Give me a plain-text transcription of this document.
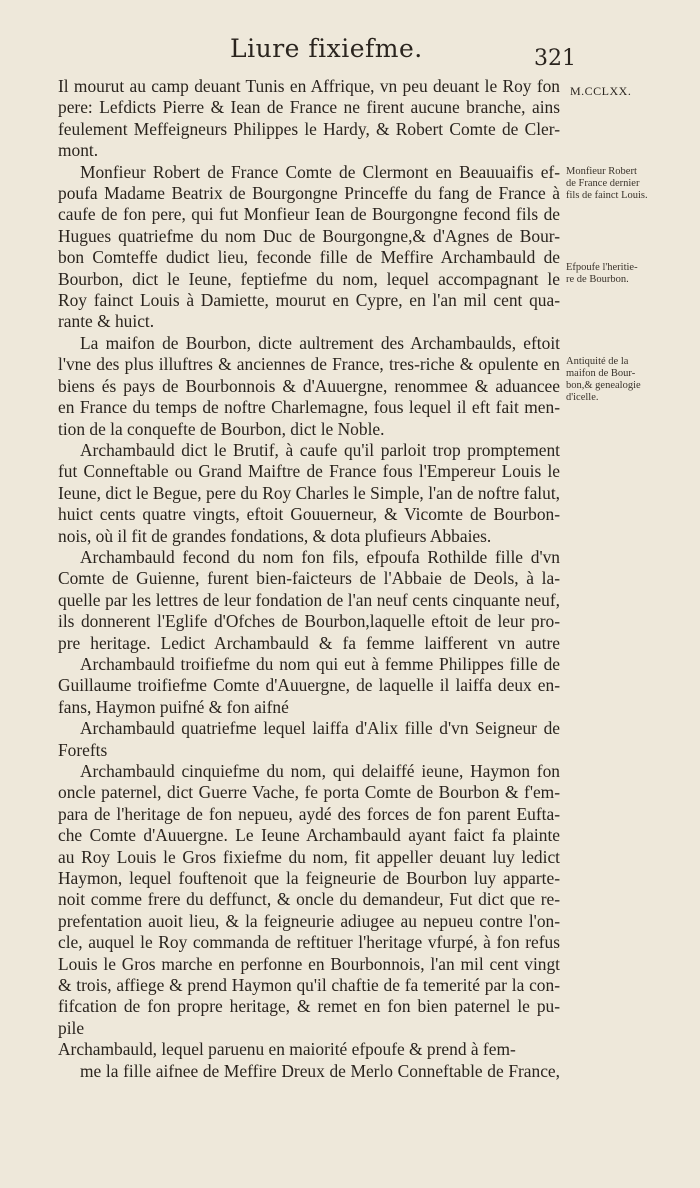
Liure fixiefme.	321
Il mourut au camp deuant Tunis en Affrique, vn peu deuant le Roy fon
pere: Lefdicts Pierre & Iean de France ne firent aucune branche, ains
feulement Meffeigneurs Philippes le Hardy, & Robert Comte de Cler-
mont.
Monfieur Robert de France Comte de Clermont en Beauuaifis ef-
poufa Madame Beatrix de Bourgongne Princeffe du fang de France à
caufe de fon pere, qui fut Monfieur Iean de Bourgongne fecond fils de
Hugues quatriefme du nom Duc de Bourgongne,& d'Agnes de Bour-
bon Comteffe dudict lieu, feconde fille de Meffire Archambauld de
Bourbon, dict le Ieune, feptiefme du nom, lequel accompagnant le
Roy fainct Louis à Damiette, mourut en Cypre, en l'an mil cent qua-
rante & huict.
La maifon de Bourbon, dicte aultrement des Archambaulds, eftoit
l'vne des plus illuftres & anciennes de France, tres-riche & opulente en
biens és pays de Bourbonnois & d'Auuergne, renommee & aduancee
en France du temps de noftre Charlemagne, fous lequel il eft fait men-
tion de la conquefte de Bourbon, dict le Noble.
Archambauld dict le Brutif, à caufe qu'il parloit trop promptement
fut Conneftable ou Grand Maiftre de France fous l'Empereur Louis le
Ieune, dict le Begue, pere du Roy Charles le Simple, l'an de noftre falut,
huict cents quatre vingts, eftoit Gouuerneur, & Vicomte de Bourbon-
nois, où il fit de grandes fondations, & dota plufieurs Abbaies.
Archambauld fecond du nom fon fils, efpoufa Rothilde fille d'vn
Comte de Guienne, furent bien-faicteurs de l'Abbaie de Deols, à la-
quelle par les lettres de leur fondation de l'an neuf cents cinquante neuf,
ils donnerent l'Eglife d'Ofches de Bourbon,laquelle eftoit de leur pro-
pre heritage. Ledict Archambauld & fa femme laifferent vn autre
Archambauld troifiefme du nom qui eut à femme Philippes fille de
Guillaume troifiefme Comte d'Auuergne, de laquelle il laiffa deux en-
fans, Haymon puifné & fon aifné
Archambauld quatriefme lequel laiffa d'Alix fille d'vn Seigneur de
Forefts
Archambauld cinquiefme du nom, qui delaiffé ieune, Haymon fon
oncle paternel, dict Guerre Vache, fe porta Comte de Bourbon & f'em-
para de l'heritage de fon nepueu, aydé des forces de fon parent Eufta-
che Comte d'Auuergne. Le Ieune Archambauld ayant faict fa plainte
au Roy Louis le Gros fixiefme du nom, fit appeller deuant luy ledict
Haymon, lequel fouftenoit que la feigneurie de Bourbon luy apparte-
noit comme frere du deffunct, & oncle du demandeur, Fut dict que re-
prefentation auoit lieu, & la feigneurie adiugee au nepueu contre l'on-
cle, auquel le Roy commanda de reftituer l'heritage vfurpé, à fon refus
Louis le Gros marche en perfonne en Bourbonnois, l'an mil cent vingt
& trois, affiege & prend Haymon qu'il chaftie de fa temerité par la con-
fifcation de fon propre heritage, & remet en fon bien paternel le pu-
pile
Archambauld, lequel paruenu en maiorité efpoufe & prend à fem-
me la fille aifnee de Meffire Dreux de Merlo Conneftable de France,
M.CCLXX.
Monfieur Robert
de France dernier
fils de fainct Louis.
Efpoufe l'heritie-
re de Bourbon.
Antiquité de la
maifon de Bour-
bon,& genealogie
d'icelle.
